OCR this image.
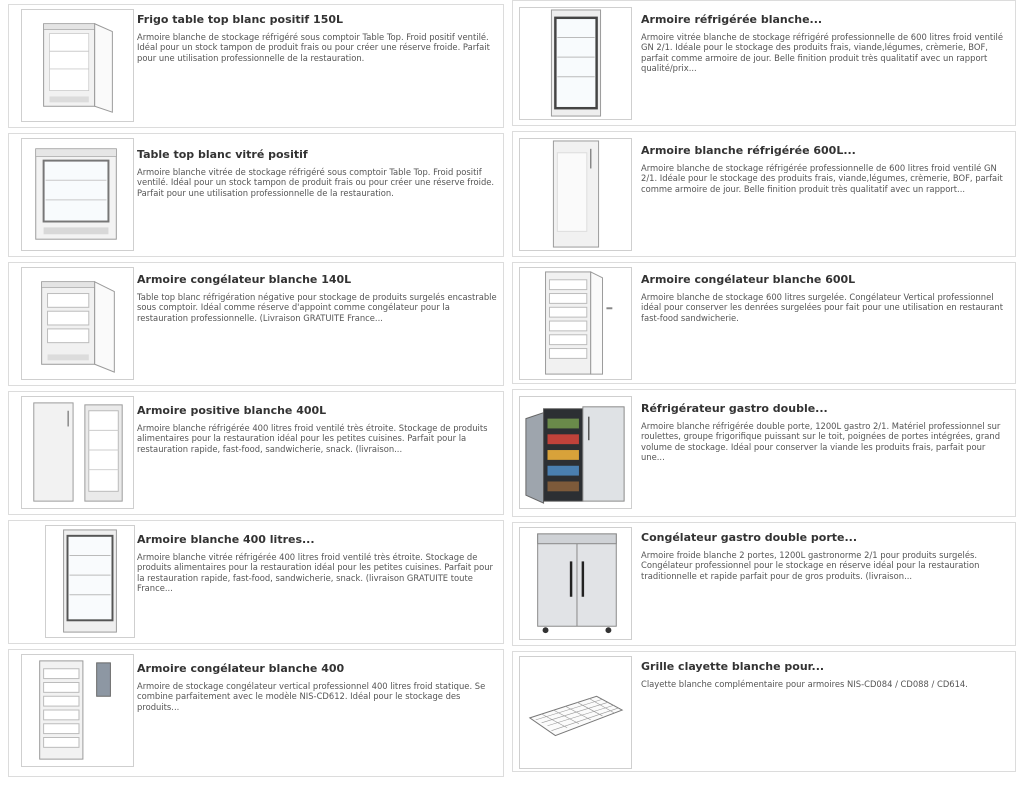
Frigo table top blanc positif 150L
Armoire blanche de stockage réfrigéré sous comptoir Table Top. Froid positif ventilé. Idéal pour un stock tampon de produit frais ou pour créer une réserve froide. Parfait pour une utilisation professionnelle de la restauration.
Table top blanc vitré positif
Armoire blanche vitrée de stockage réfrigéré sous comptoir Table Top. Froid positif ventilé. Idéal pour un stock tampon de produit frais ou pour créer une réserve froide. Parfait pour une utilisation professionnelle de la restauration.
Armoire congélateur blanche 140L
Table top blanc réfrigération négative pour stockage de produits surgelés encastrable sous comptoir. Idéal comme réserve d'appoint comme congélateur pour la restauration professionnelle. (Livraison GRATUITE France...
Armoire positive blanche 400L
Armoire blanche réfrigérée 400 litres froid ventilé très étroite. Stockage de produits alimentaires pour la restauration idéal pour les petites cuisines. Parfait pour la restauration rapide, fast-food, sandwicherie, snack. (livraison...
Armoire blanche 400 litres...
Armoire blanche vitrée réfrigérée 400 litres froid ventilé très étroite. Stockage de produits alimentaires pour la restauration idéal pour les petites cuisines. Parfait pour la restauration rapide, fast-food, sandwicherie, snack. (livraison GRATUITE toute France...
Armoire congélateur blanche 400
Armoire de stockage congélateur vertical professionnel 400 litres froid statique. Se combine parfaitement avec le modèle NIS-CD612. Idéal pour le stockage des produits...
Armoire réfrigérée blanche...
Armoire vitrée blanche de stockage réfrigéré professionnelle de 600 litres froid ventilé GN 2/1. Idéale pour le stockage des produits frais, viande,légumes, crèmerie, BOF, parfait comme armoire de jour. Belle finition produit très qualitatif avec un rapport qualité/prix...
Armoire blanche réfrigérée 600L...
Armoire blanche de stockage réfrigérée professionnelle de 600 litres froid ventilé GN 2/1. Idéale pour le stockage des produits frais, viande,légumes, crèmerie, BOF, parfait comme armoire de jour. Belle finition produit très qualitatif avec un rapport...
Armoire congélateur blanche 600L
Armoire blanche de stockage 600 litres surgelée. Congélateur Vertical professionnel idéal pour conserver les denrées surgelées pour fait pour une utilisation en restaurant fast-food sandwicherie.
Réfrigérateur gastro double...
Armoire blanche réfrigérée double porte, 1200L gastro 2/1. Matériel professionnel sur roulettes, groupe frigorifique puissant sur le toit, poignées de portes intégrées, grand volume de stockage. Idéal pour conserver la viande les produits frais, parfait pour une...
Congélateur gastro double porte...
Armoire froide blanche 2 portes, 1200L gastronorme 2/1 pour produits surgelés. Congélateur professionnel pour le stockage en réserve idéal pour la restauration traditionnelle et rapide parfait pour de gros produits. (livraison...
Grille clayette blanche pour...
Clayette blanche complémentaire pour armoires NIS-CD084 / CD088 / CD614.
